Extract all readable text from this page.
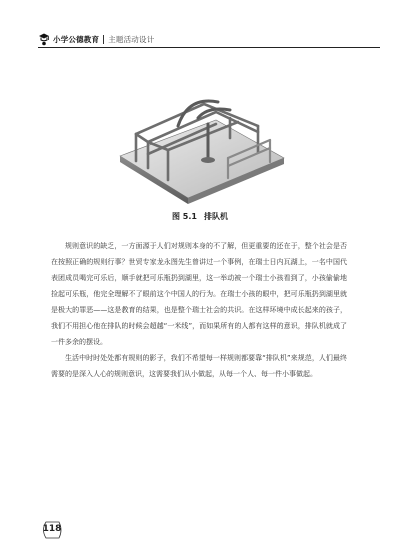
小学公德教育 主题活动设计
图 5.1 排队机

规则意识的缺乏，一方面源于人们对规则本身的不了解，但更重要的还在于，整个社会是否在按照正确的规则行事？世贸专家龙永图先生曾讲过一个事例，在瑞士日内瓦湖上，一名中国代表团成员喝完可乐后，顺手就把可乐瓶扔到湖里，这一举动被一个瑞士小孩看到了，小孩偷偷地捡起可乐瓶，他完全理解不了眼前这个中国人的行为。在瑞士小孩的眼中，把可乐瓶扔到湖里就是极大的罪恶——这是教育的结果，也是整个瑞士社会的共识。在这样环境中成长起来的孩子，我们不用担心他在排队的时候会超越“一米线”，而如果所有的人都有这样的意识，排队机就成了一件多余的摆设。

生活中时时处处都有规则的影子，我们不希望每一样规则都要靠“排队机”来规范，人们最终需要的是深入人心的规则意识，这需要我们从小做起，从每一个人、每一件小事做起。

118
